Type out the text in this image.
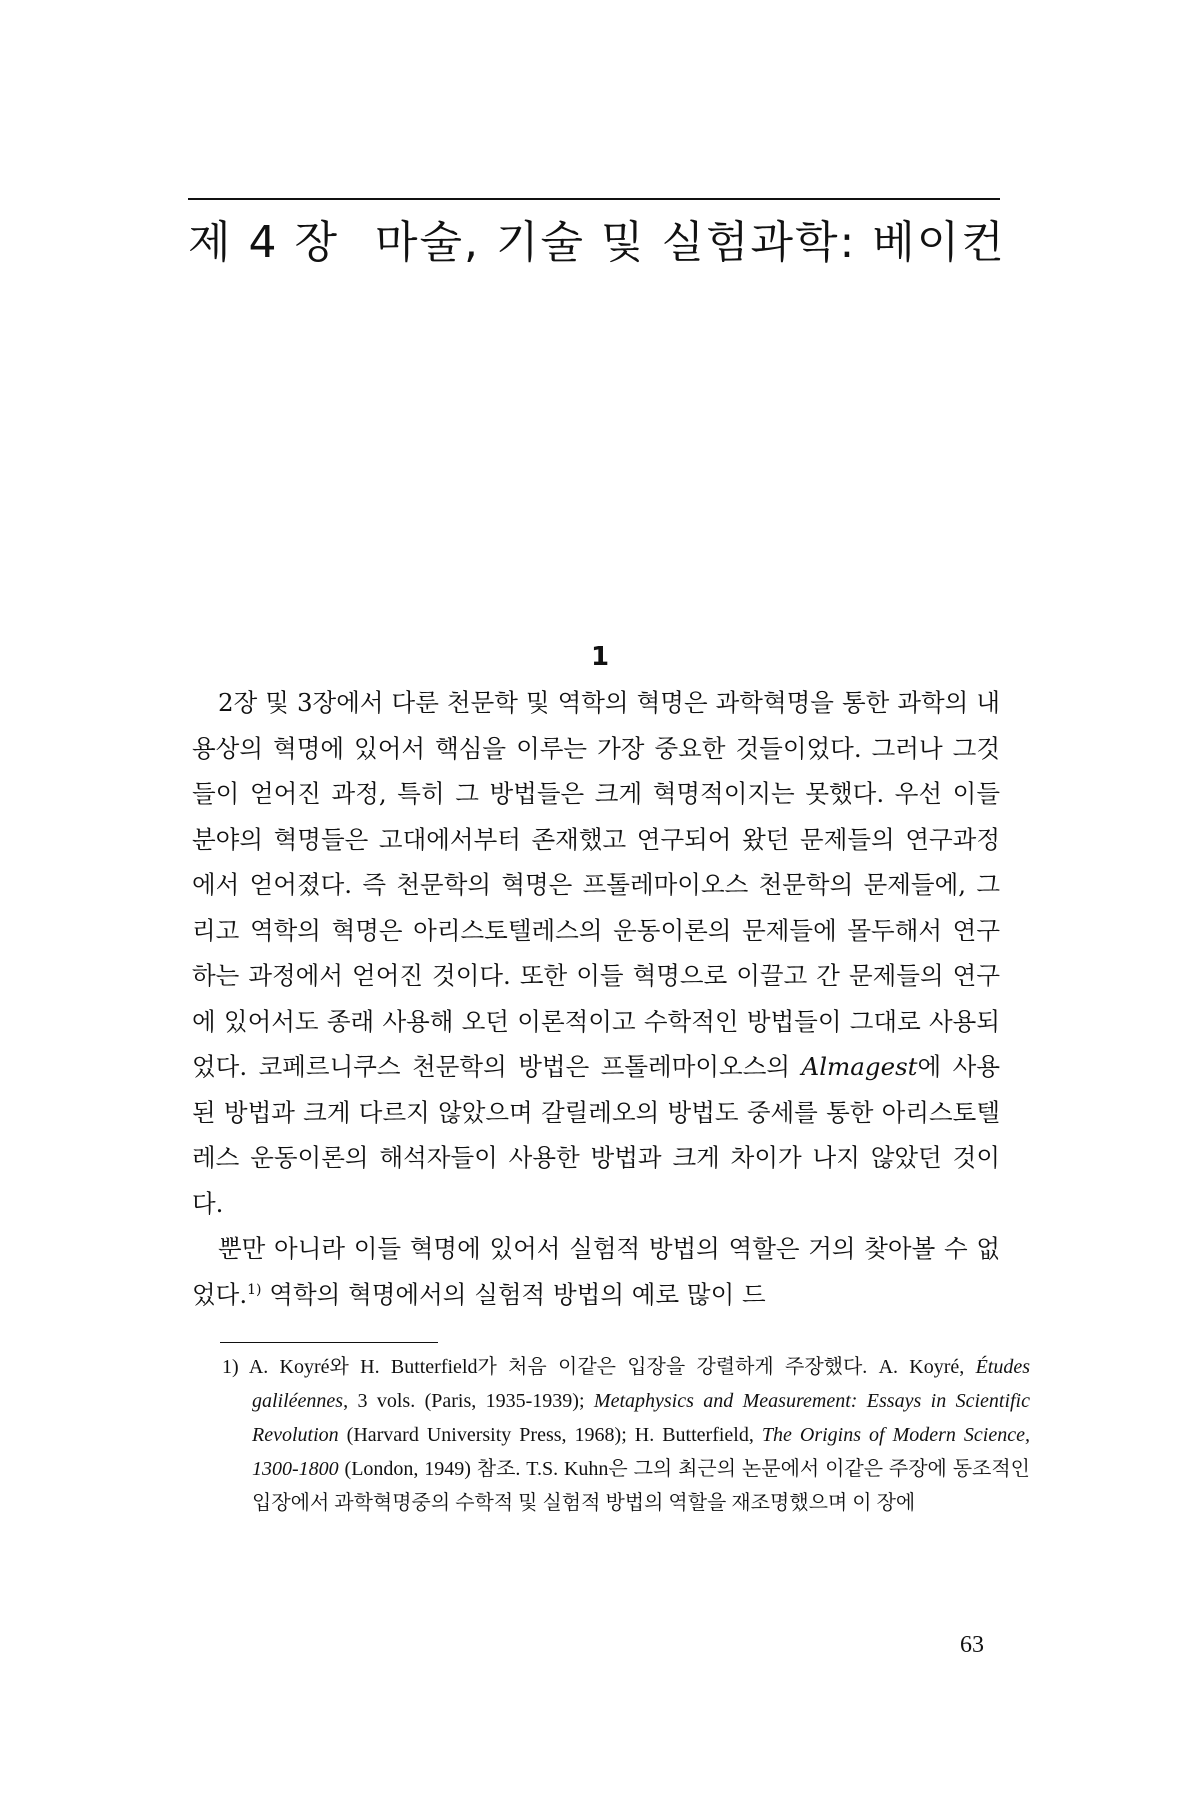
제 4 장 마술, 기술 및 실험과학: 베이컨
1

2장 및 3장에서 다룬 천문학 및 역학의 혁명은 과학혁명을 통한 과학의 내용상의 혁명에 있어서 핵심을 이루는 가장 중요한 것들이었다. 그러나 그것들이 얻어진 과정, 특히 그 방법들은 크게 혁명적이지는 못했다. 우선 이들 분야의 혁명들은 고대에서부터 존재했고 연구되어 왔던 문제들의 연구과정에서 얻어졌다. 즉 천문학의 혁명은 프톨레마이오스 천문학의 문제들에, 그리고 역학의 혁명은 아리스토텔레스의 운동이론의 문제들에 몰두해서 연구하는 과정에서 얻어진 것이다. 또한 이들 혁명으로 이끌고 간 문제들의 연구에 있어서도 종래 사용해 오던 이론적이고 수학적인 방법들이 그대로 사용되었다. 코페르니쿠스 천문학의 방법은 프톨레마이오스의 Almagest에 사용된 방법과 크게 다르지 않았으며 갈릴레오의 방법도 중세를 통한 아리스토텔레스 운동이론의 해석자들이 사용한 방법과 크게 차이가 나지 않았던 것이다.

뿐만 아니라 이들 혁명에 있어서 실험적 방법의 역할은 거의 찾아볼 수 없었다.$^{1)}$ 역학의 혁명에서의 실험적 방법의 예로 많이 드

1) A. Koyré와 H. Butterfield가 처음 이같은 입장을 강렬하게 주장했다. A. Koyré, Études galiléennes, 3 vols. (Paris, 1935-1939); Metaphysics and Measurement: Essays in Scientific Revolution (Harvard University Press, 1968); H. Butterfield, The Origins of Modern Science, 1300-1800 (London, 1949) 참조. T.S. Kuhn은 그의 최근의 논문에서 이같은 주장에 동조적인 입장에서 과학혁명중의 수학적 및 실험적 방법의 역할을 재조명했으며 이 장에

63
